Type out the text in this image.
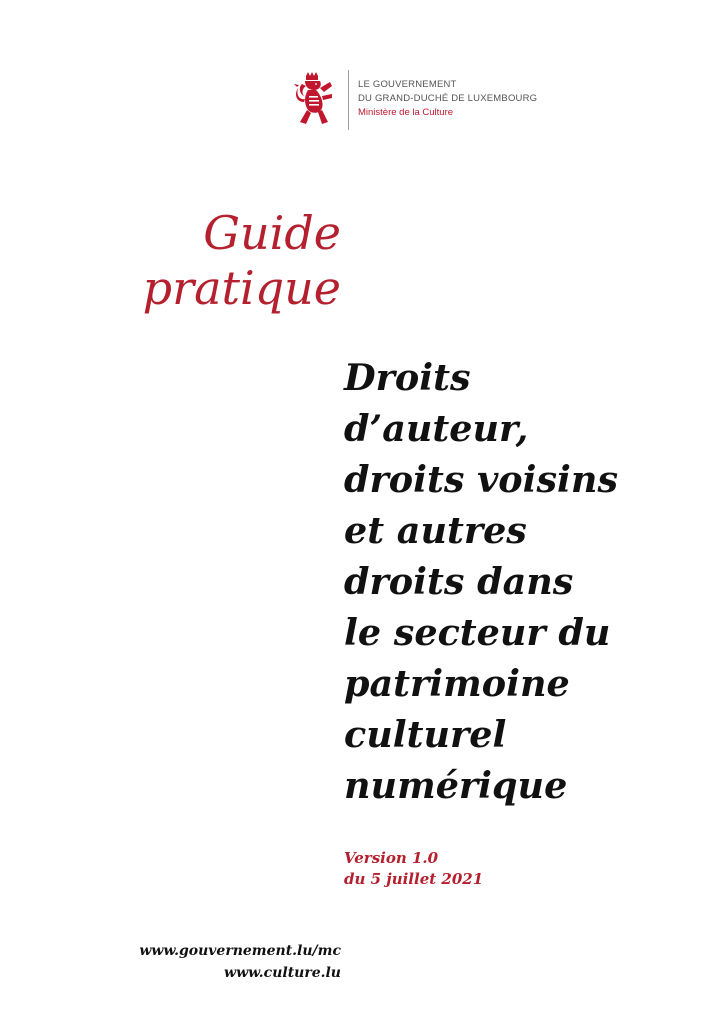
LE GOUVERNEMENT
DU GRAND-DUCHÉ DE LUXEMBOURG
Ministère de la Culture
Guide
pratique
Droits
d’auteur,
droits voisins
et autres
droits dans
le secteur du
patrimoine
culturel
numérique
Version 1.0
du 5 juillet 2021
www.gouvernement.lu/mc
www.culture.lu
